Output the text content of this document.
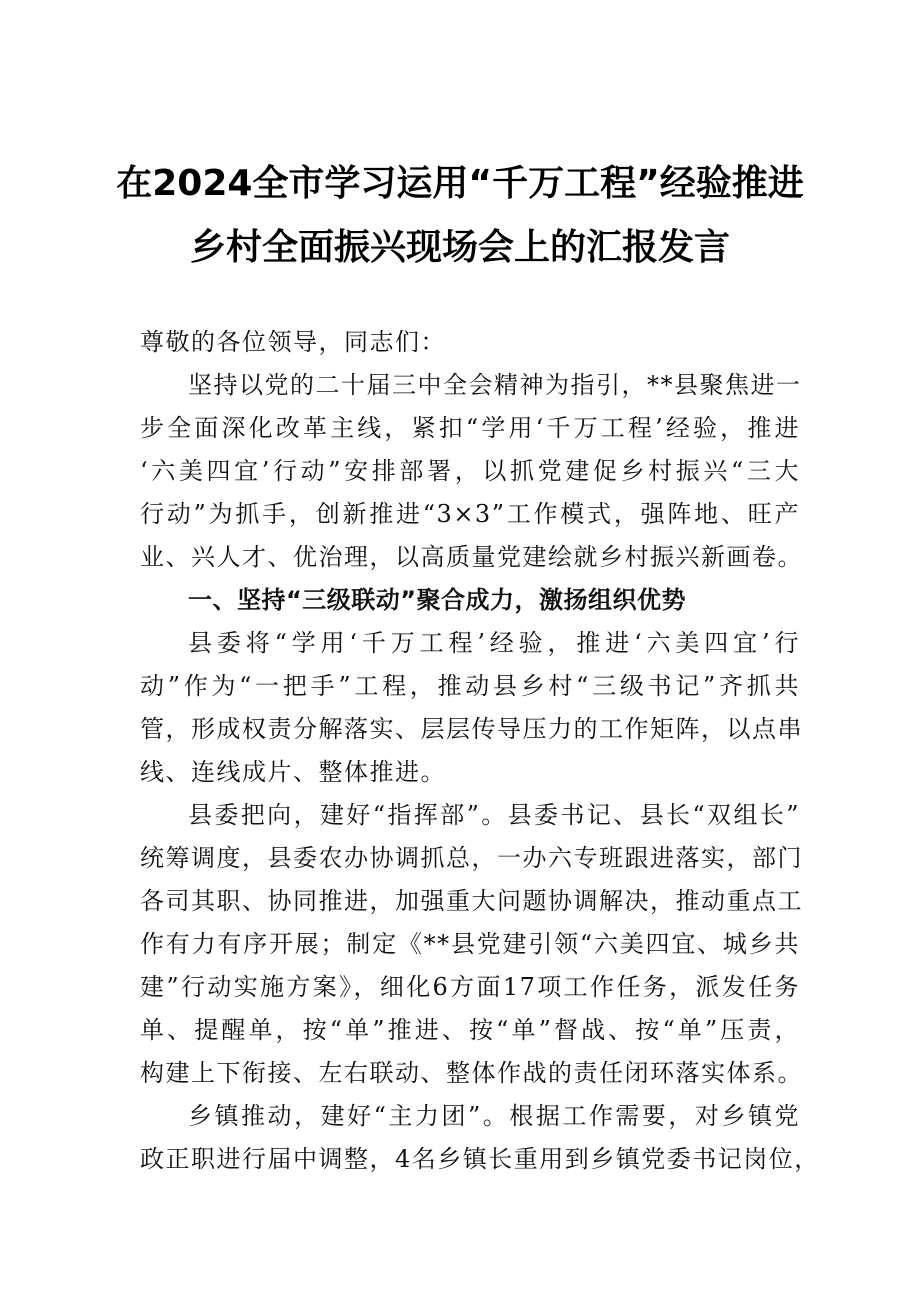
在2024全市学习运用“千万工程”经验推进
乡村全面振兴现场会上的汇报发言
尊敬的各位领导，同志们：
坚持以党的二十届三中全会精神为指引，**县聚焦进一
步全面深化改革主线，紧扣“学用‘千万工程’经验，推进
‘六美四宜’行动”安排部署，以抓党建促乡村振兴“三大
行动”为抓手，创新推进“3×3”工作模式，强阵地、旺产
业、兴人才、优治理，以高质量党建绘就乡村振兴新画卷。
一、坚持“三级联动”聚合成力，激扬组织优势
县委将“学用‘千万工程’经验，推进‘六美四宜’行
动”作为“一把手”工程，推动县乡村“三级书记”齐抓共
管，形成权责分解落实、层层传导压力的工作矩阵，以点串
线、连线成片、整体推进。
县委把向，建好“指挥部”。县委书记、县长“双组长”
统筹调度，县委农办协调抓总，一办六专班跟进落实，部门
各司其职、协同推进，加强重大问题协调解决，推动重点工
作有力有序开展；制定《**县党建引领“六美四宜、城乡共
建”行动实施方案》，细化6方面17项工作任务，派发任务
单、提醒单，按“单”推进、按“单”督战、按“单”压责，
构建上下衔接、左右联动、整体作战的责任闭环落实体系。
乡镇推动，建好“主力团”。根据工作需要，对乡镇党
政正职进行届中调整，4名乡镇长重用到乡镇党委书记岗位，
